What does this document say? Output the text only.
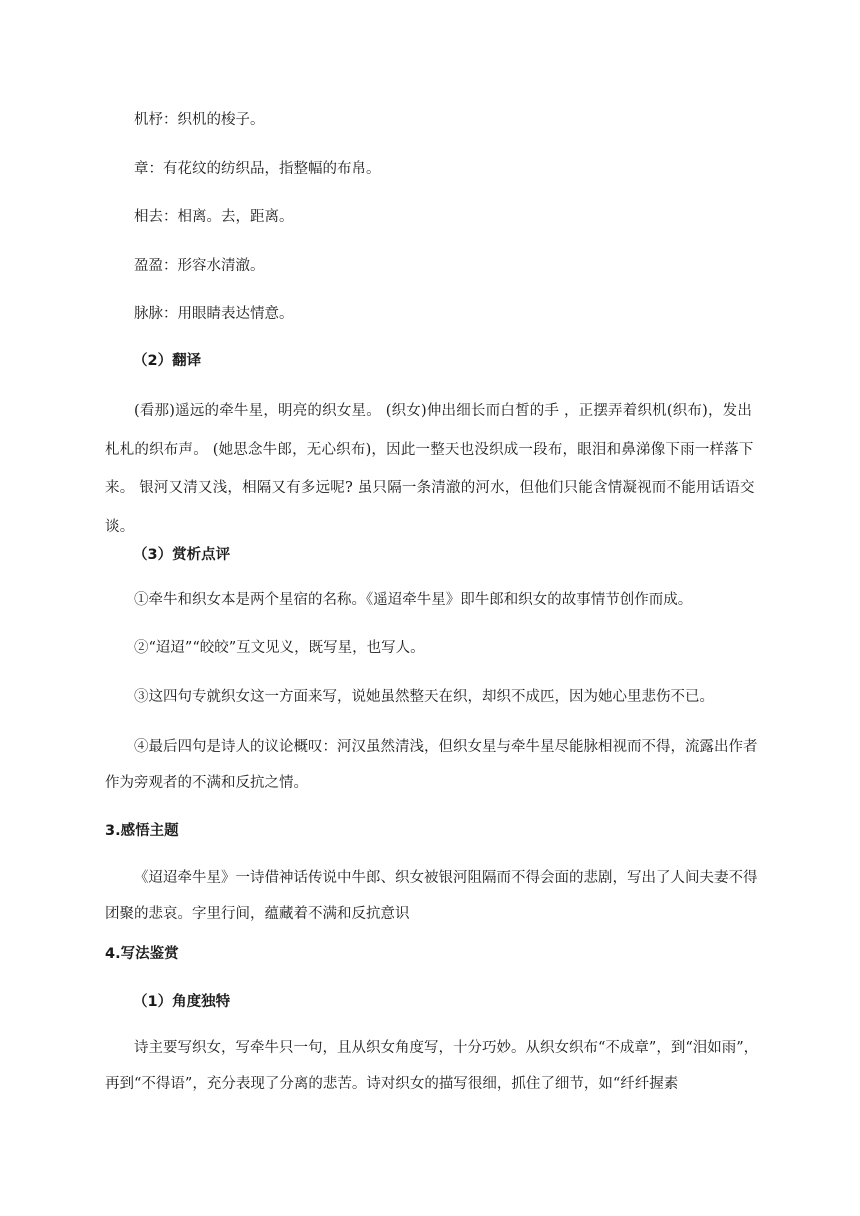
机杼：织机的梭子。
章：有花纹的纺织品，指整幅的布帛。
相去：相离。去，距离。
盈盈：形容水清澈。
脉脉：用眼睛表达情意。
（2）翻译
(看那)遥远的牵牛星，明亮的织女星。 (织女)伸出细长而白皙的手 ，正摆弄着织机(织布)，发出札札的织布声。 (她思念牛郎，无心织布)，因此一整天也没织成一段布，眼泪和鼻涕像下雨一样落下来。 银河又清又浅，相隔又有多远呢? 虽只隔一条清澈的河水，但他们只能含情凝视而不能用话语交谈。
（3）赏析点评
①牵牛和织女本是两个星宿的名称。《遥迢牵牛星》即牛郎和织女的故事情节创作而成。
②“迢迢”“皎皎”互文见义，既写星，也写人。
③这四句专就织女这一方面来写，说她虽然整天在织，却织不成匹，因为她心里悲伤不已。
④最后四句是诗人的议论概叹：河汉虽然清浅，但织女星与牵牛星尽能脉相视而不得，流露出作者作为旁观者的不满和反抗之情。
3.感悟主题
《迢迢牵牛星》一诗借神话传说中牛郎、织女被银河阻隔而不得会面的悲剧，写出了人间夫妻不得团聚的悲哀。字里行间，蕴藏着不满和反抗意识
4.写法鉴赏
（1）角度独特
诗主要写织女，写牵牛只一句，且从织女角度写，十分巧妙。从织女织布“不成章”，到“泪如雨”，再到“不得语”，充分表现了分离的悲苦。诗对织女的描写很细，抓住了细节，如“纤纤握素
